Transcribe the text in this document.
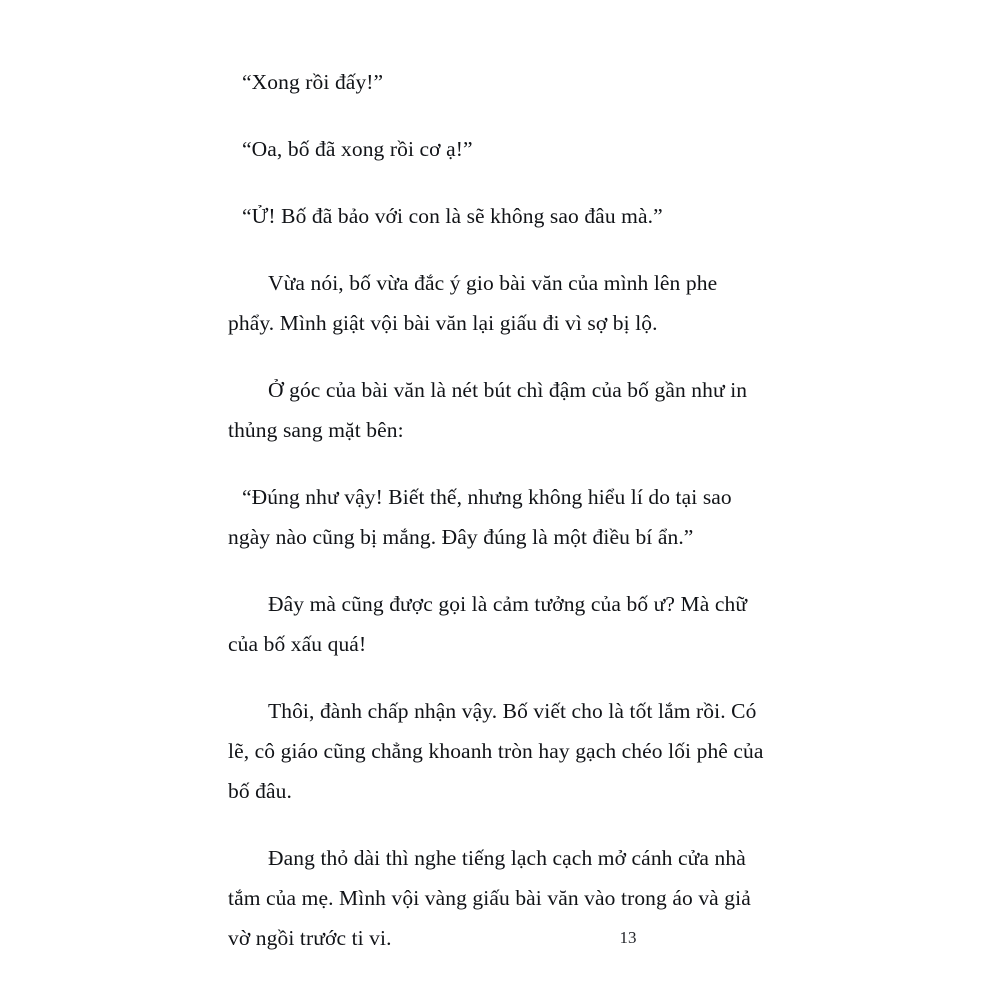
“Xong rồi đấy!”

“Oa, bố đã xong rồi cơ ạ!”

“Ử! Bố đã bảo với con là sẽ không sao đâu mà.”

Vừa nói, bố vừa đắc ý gio bài văn của mình lên phe phẩy. Mình giật vội bài văn lại giấu đi vì sợ bị lộ.

Ở góc của bài văn là nét bút chì đậm của bố gần như in thủng sang mặt bên:

“Đúng như vậy! Biết thế, nhưng không hiểu lí do tại sao ngày nào cũng bị mắng. Đây đúng là một điều bí ẩn.”

Đây mà cũng được gọi là cảm tưởng của bố ư? Mà chữ của bố xấu quá!

Thôi, đành chấp nhận vậy. Bố viết cho là tốt lắm rồi. Có lẽ, cô giáo cũng chẳng khoanh tròn hay gạch chéo lối phê của bố đâu.

Đang thỏ dài thì nghe tiếng lạch cạch mở cánh cửa nhà tắm của mẹ. Mình vội vàng giấu bài văn vào trong áo và giả vờ ngồi trước ti vi.	13
